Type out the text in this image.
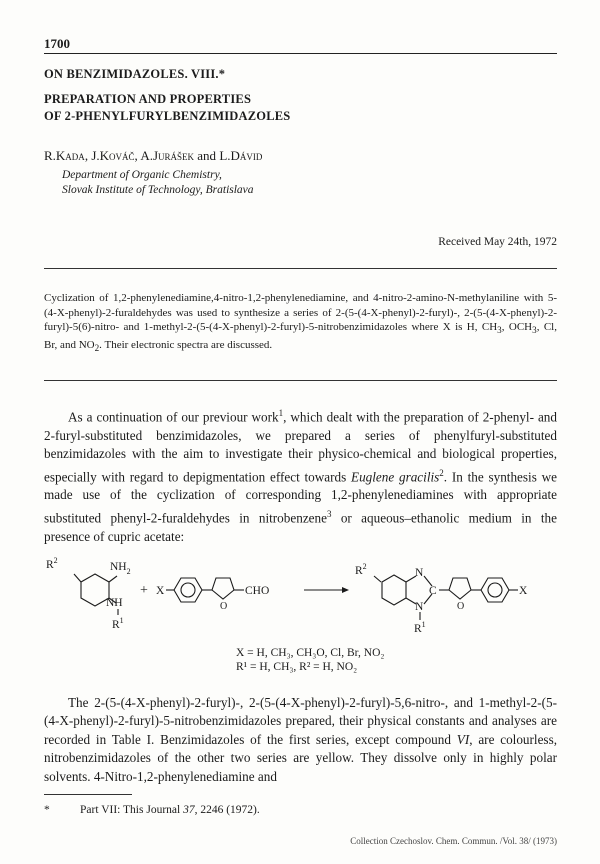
1700
ON BENZIMIDAZOLES. VIII.*
PREPARATION AND PROPERTIES
OF 2-PHENYLFURYLBENZIMIDAZOLES
R.Kada, J.Kováč, A.Jurášek and L.Dávid
Department of Organic Chemistry,
Slovak Institute of Technology, Bratislava
Received May 24th, 1972
Cyclization of 1,2-phenylenediamine,4-nitro-1,2-phenylenediamine, and 4-nitro-2-amino-N-methylaniline with 5-(4-X-phenyl)-2-furaldehydes was used to synthesize a series of 2-(5-(4-X-phenyl)-2-furyl)-, 2-(5-(4-X-phenyl)-2-furyl)-5(6)-nitro- and 1-methyl-2-(5-(4-X-phenyl)-2-furyl)-5-nitrobenzimidazoles where X is H, $CH_3$, $OCH_3$, Cl, Br, and $NO_2$. Their electronic spectra are discussed.
As a continuation of our previour work$^1$, which dealt with the preparation of 2-phenyl- and 2-furyl-substituted benzimidazoles, we prepared a series of phenylfuryl-substituted benzimidazoles with the aim to investigate their physico-chemical and biological properties, especially with regard to depigmentation effect towards Euglene gracilis$^2$. In the synthesis we made use of the cyclization of corresponding 1,2-phenylenediamines with appropriate substituted phenyl-2-furaldehydes in nitrobenzene$^3$ or aqueous–ethanolic medium in the presence of cupric acetate:
$R^2$
$NH_2$
NH
$R^1$
+ X
O
CHO
$R^2$
N
N
C
$R^1$
O
X
X = H, CH₃, CH₃O, Cl, Br, NO₂
R¹ = H, CH₃, R² = H, NO₂
The 2-(5-(4-X-phenyl)-2-furyl)-, 2-(5-(4-X-phenyl)-2-furyl)-5,6-nitro-, and 1-methyl-2-(5-(4-X-phenyl)-2-furyl)-5-nitrobenzimidazoles prepared, their physical constants and analyses are recorded in Table I. Benzimidazoles of the first series, except compound VI, are colourless, nitrobenzimidazoles of the other two series are yellow. They dissolve only in highly polar solvents. 4-Nitro-1,2-phenylenediamine and
*	Part VII: This Journal 37, 2246 (1972).
Collection Czechoslov. Chem. Commun. /Vol. 38/ (1973)
